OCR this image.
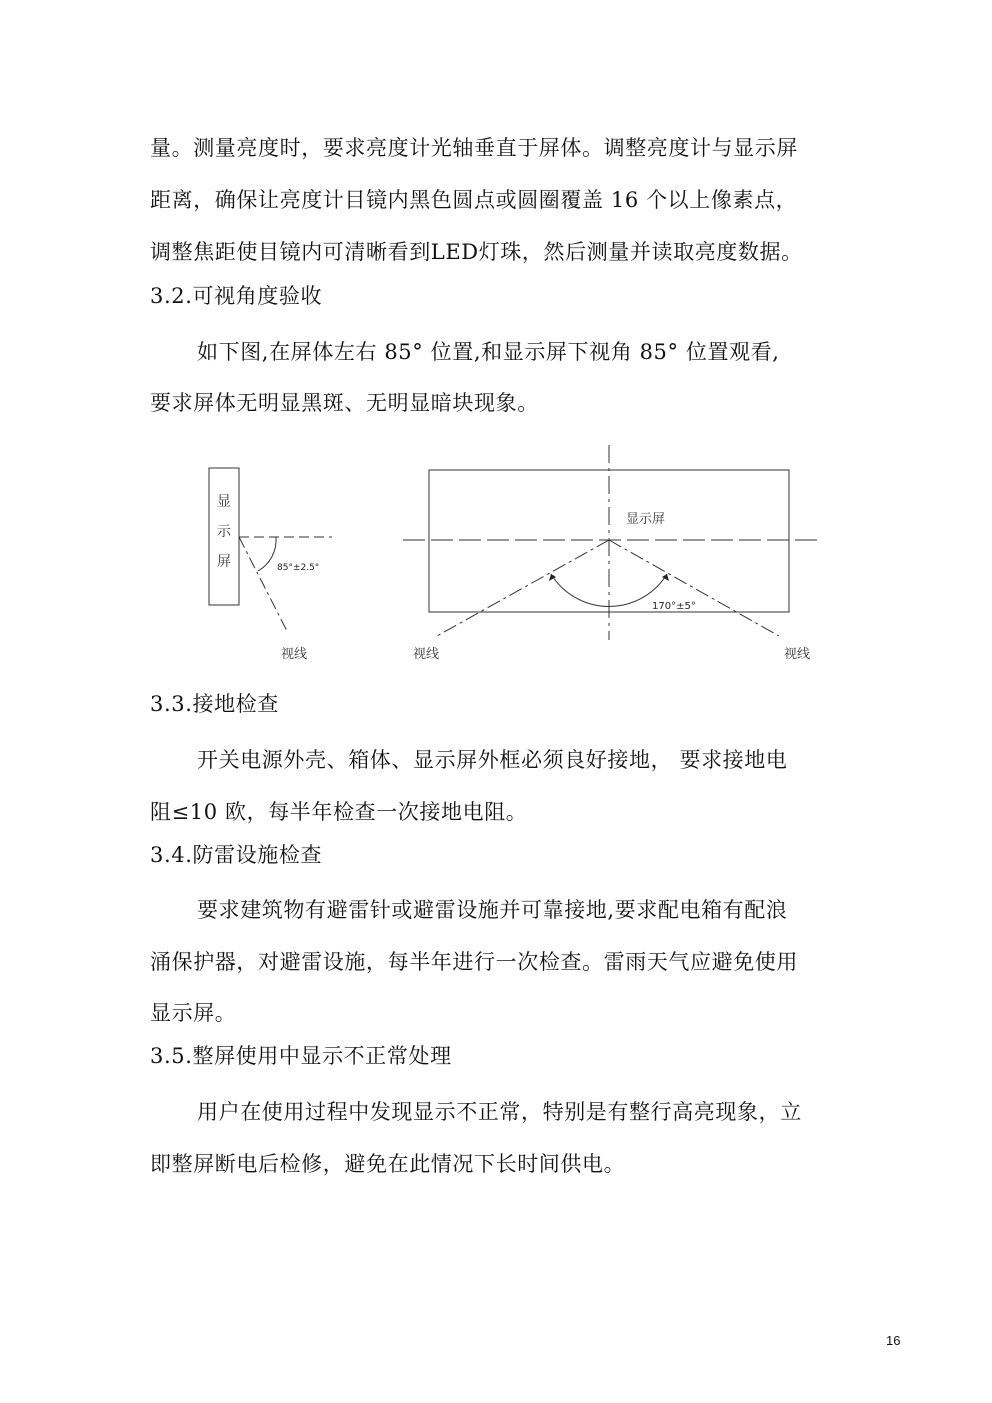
量。测量亮度时，要求亮度计光轴垂直于屏体。调整亮度计与显示屏
距离，确保让亮度计目镜内黑色圆点或圆圈覆盖 16 个以上像素点，
调整焦距使目镜内可清晰看到LED灯珠，然后测量并读取亮度数据。
3.2.可视角度验收
如下图,在屏体左右 85° 位置,和显示屏下视角 85° 位置观看,
要求屏体无明显黑斑、无明显暗块现象。
显
示
屏	85°±2.5°
视线
显示屏
170°±5°
视线	视线
3.3.接地检查
开关电源外壳、箱体、显示屏外框必须良好接地， 要求接地电
阻≤10 欧，每半年检查一次接地电阻。
3.4.防雷设施检查
要求建筑物有避雷针或避雷设施并可靠接地,要求配电箱有配浪
涌保护器，对避雷设施，每半年进行一次检查。雷雨天气应避免使用
显示屏。
3.5.整屏使用中显示不正常处理
用户在使用过程中发现显示不正常，特别是有整行高亮现象，立
即整屏断电后检修，避免在此情况下长时间供电。
16
